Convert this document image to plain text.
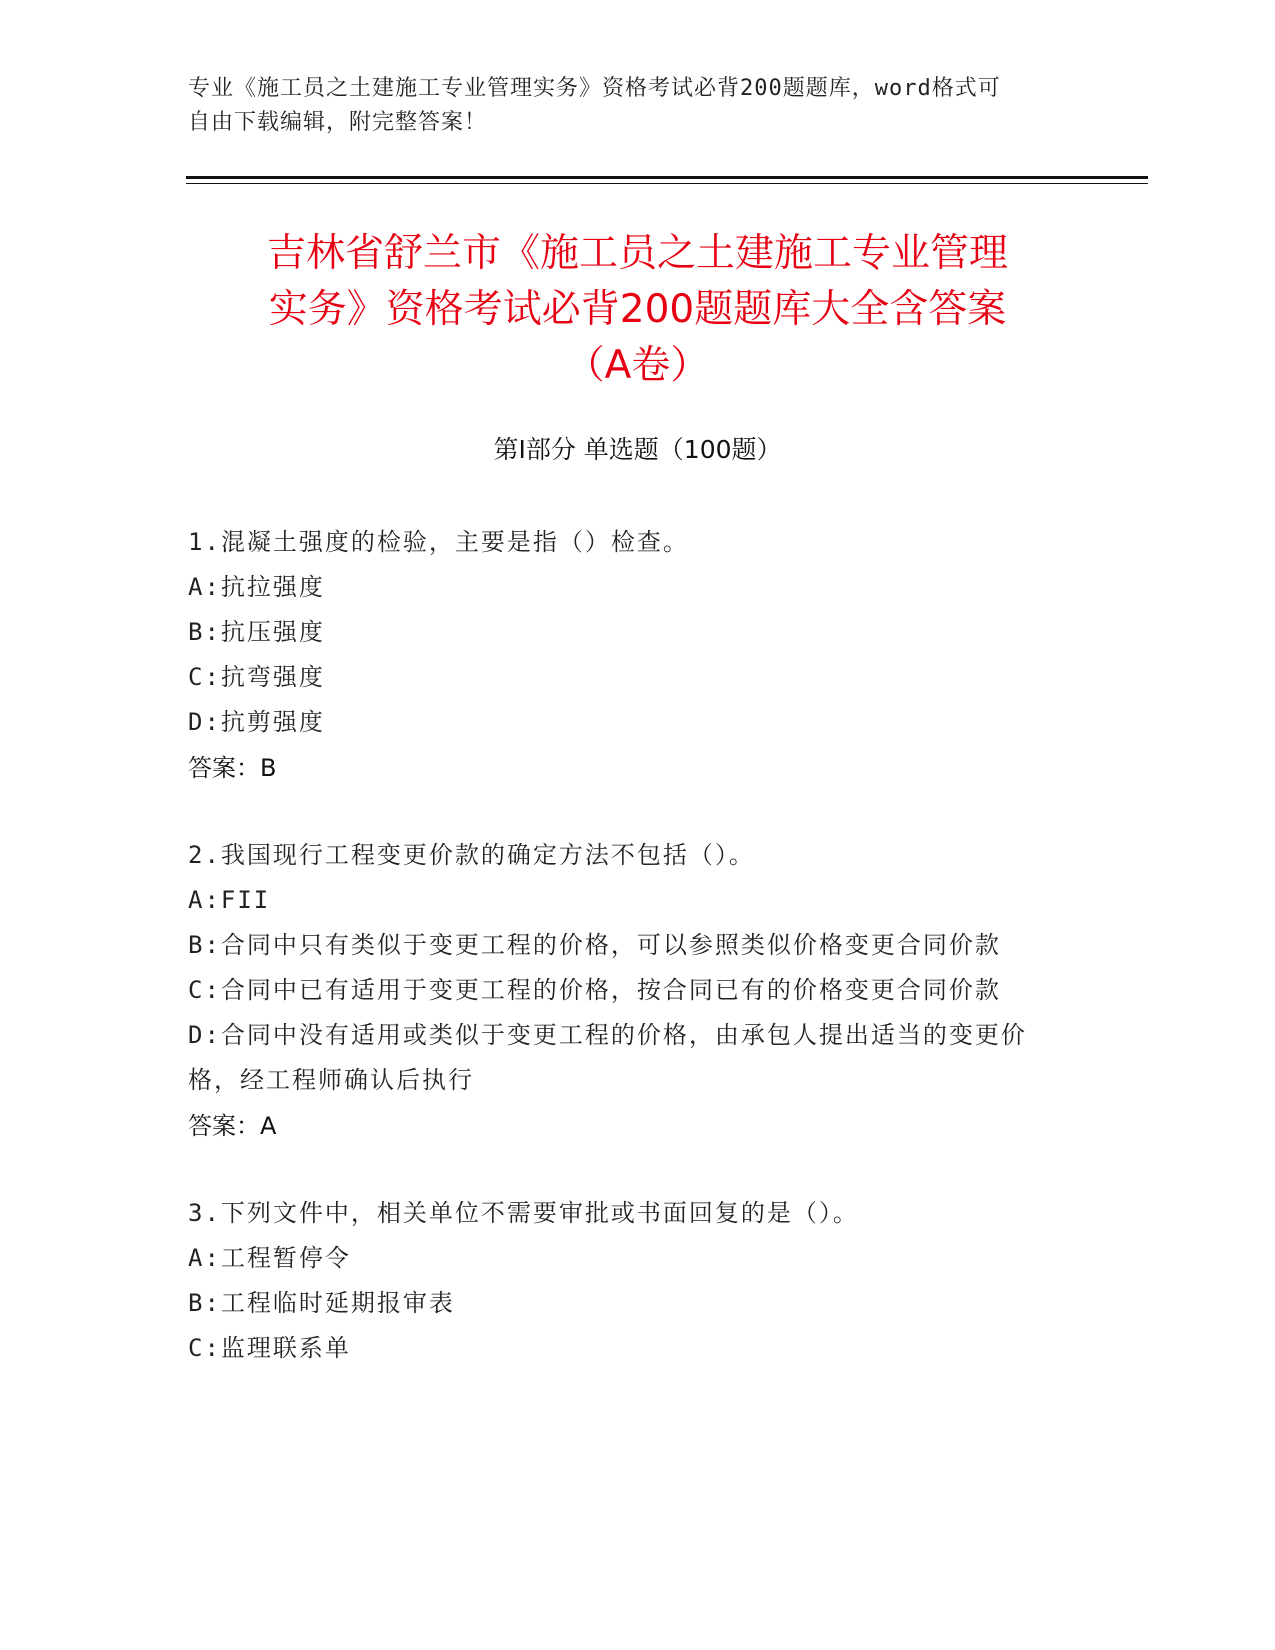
专业《施工员之土建施工专业管理实务》资格考试必背200题题库，word格式可
自由下载编辑，附完整答案！
吉林省舒兰市《施工员之土建施工专业管理
实务》资格考试必背200题题库大全含答案
（A卷）
第Ⅰ部分 单选题（100题）
1.混凝土强度的检验，主要是指（）检查。
A:抗拉强度
B:抗压强度
C:抗弯强度
D:抗剪强度
答案：B
2.我国现行工程变更价款的确定方法不包括（）。
A:FII
B:合同中只有类似于变更工程的价格，可以参照类似价格变更合同价款
C:合同中已有适用于变更工程的价格，按合同已有的价格变更合同价款
D:合同中没有适用或类似于变更工程的价格，由承包人提出适当的变更价格，经工程师确认后执行
答案：A
3.下列文件中，相关单位不需要审批或书面回复的是（）。
A:工程暂停令
B:工程临时延期报审表
C:监理联系单
